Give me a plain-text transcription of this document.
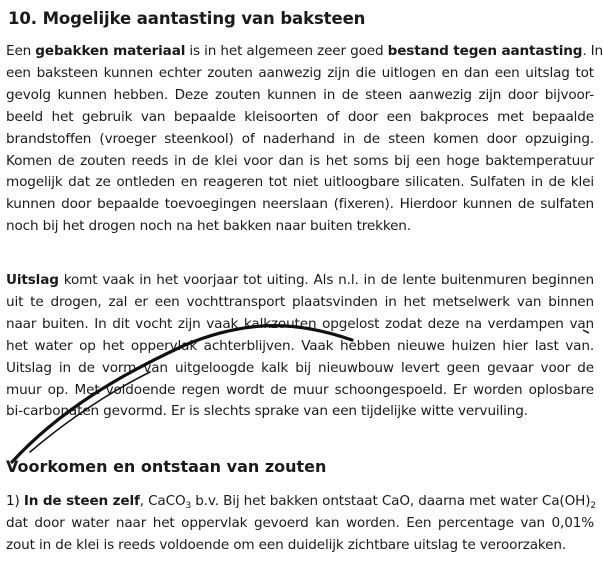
10. Mogelijke aantasting van baksteen
Een gebakken materiaal is in het algemeen zeer goed bestand tegen aantasting. In
een baksteen kunnen echter zouten aanwezig zijn die uitlogen en dan een uitslag tot
gevolg kunnen hebben. Deze zouten kunnen in de steen aanwezig zijn door bijvoor-
beeld het gebruik van bepaalde kleisoorten of door een bakproces met bepaalde
brandstoffen (vroeger steenkool) of naderhand in de steen komen door opzuiging.
Komen de zouten reeds in de klei voor dan is het soms bij een hoge baktemperatuur
mogelijk dat ze ontleden en reageren tot niet uitloogbare silicaten. Sulfaten in de klei
kunnen door bepaalde toevoegingen neerslaan (fixeren). Hierdoor kunnen de sulfaten
noch bij het drogen noch na het bakken naar buiten trekken.
Uitslag komt vaak in het voorjaar tot uiting. Als n.l. in de lente buitenmuren beginnen
uit te drogen, zal er een vochttransport plaatsvinden in het metselwerk van binnen
naar buiten. In dit vocht zijn vaak kalkzouten opgelost zodat deze na verdampen van
het water op het oppervlak achterblijven. Vaak hebben nieuwe huizen hier last van.
Uitslag in de vorm van uitgeloogde kalk bij nieuwbouw levert geen gevaar voor de
muur op. Met voldoende regen wordt de muur schoongespoeld. Er worden oplosbare
bi-carbonaten gevormd. Er is slechts sprake van een tijdelijke witte vervuiling.
Voorkomen en ontstaan van zouten
1) In de steen zelf, CaCO$_3$ b.v. Bij het bakken ontstaat CaO, daarna met water $Ca(OH)_2$
dat door water naar het oppervlak gevoerd kan worden. Een percentage van 0,01%
zout in de klei is reeds voldoende om een duidelijk zichtbare uitslag te veroorzaken.
